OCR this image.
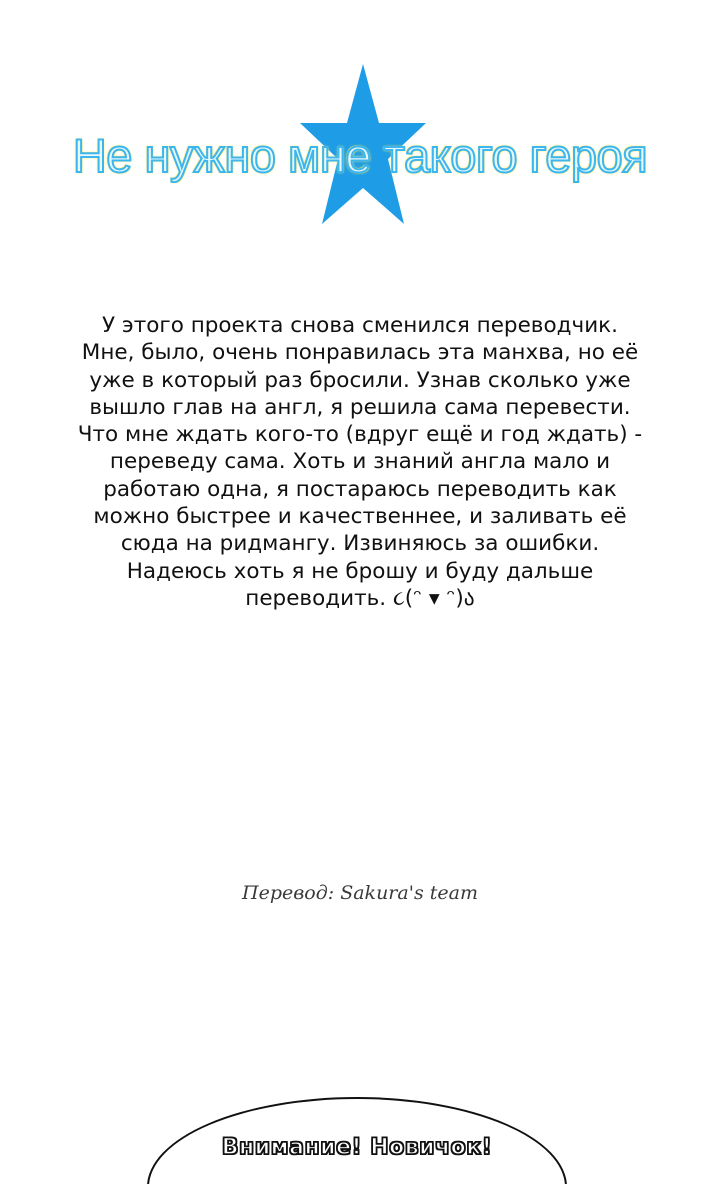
Не нужно мне такого героя
У этого проекта снова сменился переводчик.
Мне, было, очень понравилась эта манхва, но её
уже в который раз бросили. Узнав сколько уже
вышло глав на англ, я решила сама перевести.
Что мне ждать кого-то (вдруг ещё и год ждать) -
переведу сама. Хоть и знаний англа мало и
работаю одна, я постараюсь переводить как
можно быстрее и качественнее, и заливать её
сюда на ридмангу. Извиняюсь за ошибки.
Надеюсь хоть я не брошу и буду дальше
переводить. ૮(ᵔ ▾ ᵔ)ა
Перевод: Sakura's team
Внимание! Новичок!
